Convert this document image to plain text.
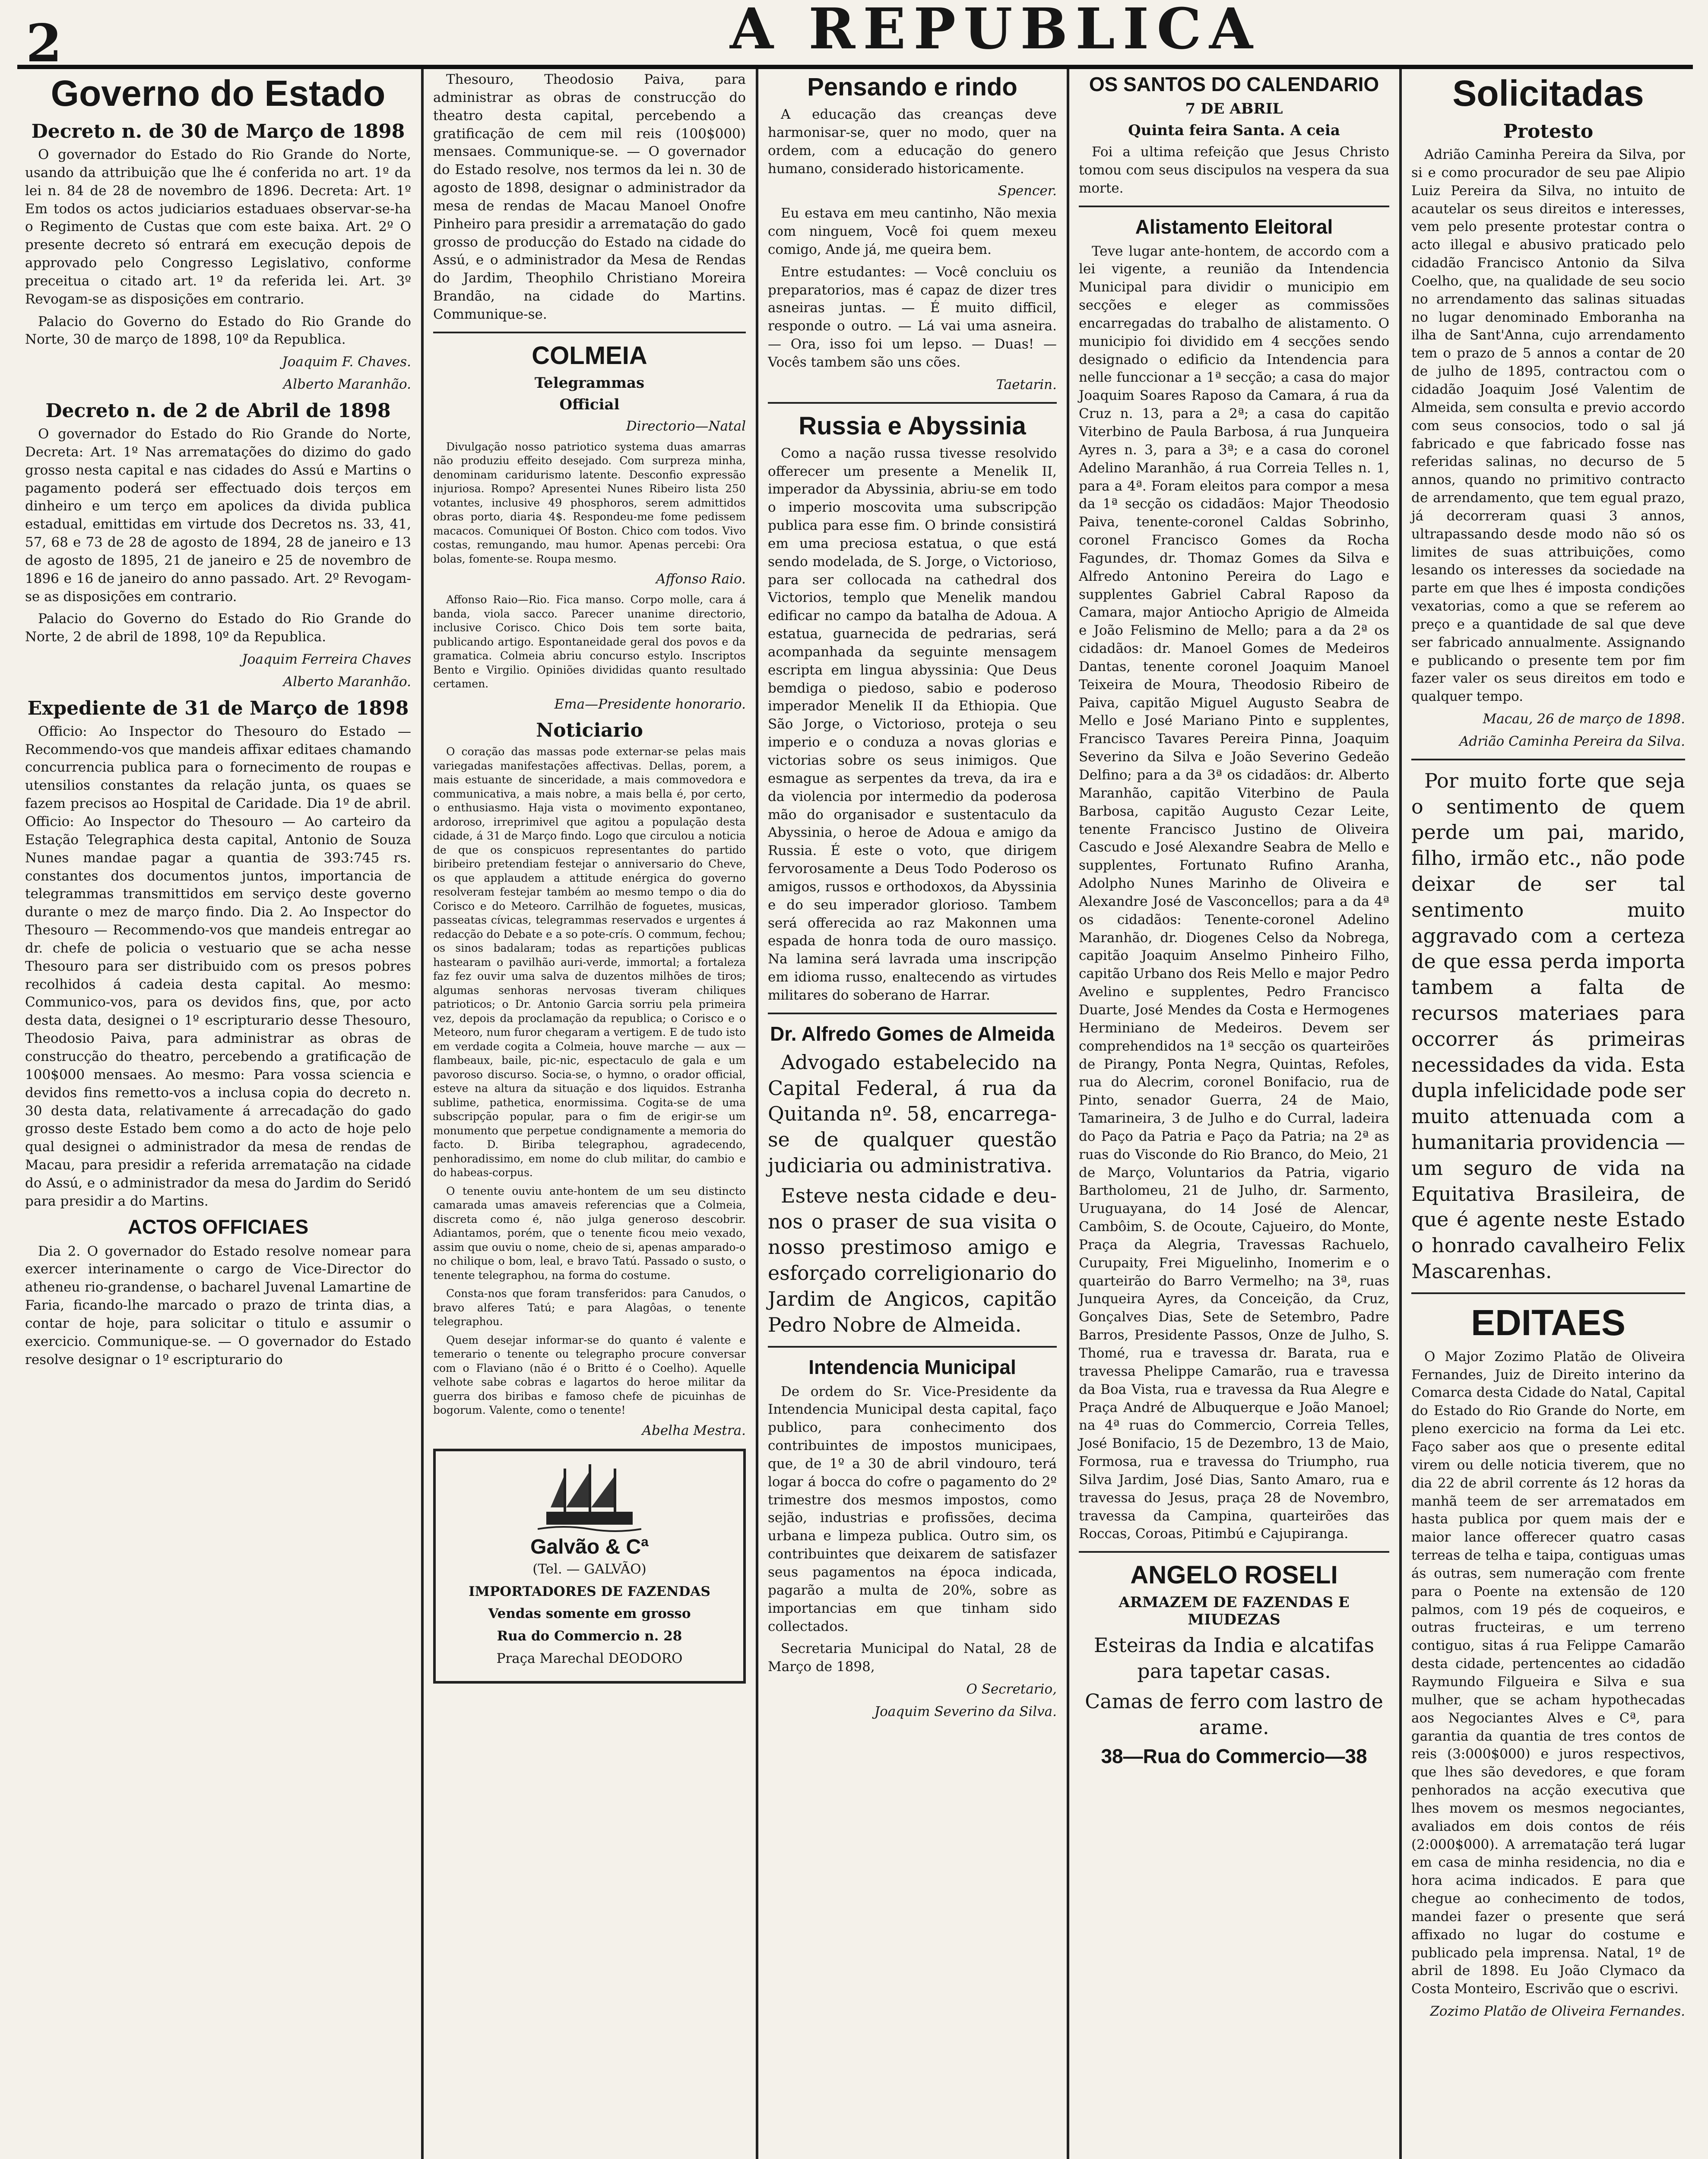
2	A REPUBLICA
Governo do Estado
Decreto n. de 30 de Março de 1898

O governador do Estado do Rio Grande do Norte, usando da attribuição que lhe é conferida no art. 1º da lei n. 84 de 28 de novembro de 1896. Decreta: Art. 1º Em todos os actos judiciarios estaduaes observar-se-ha o Regimento de Custas que com este baixa. Art. 2º O presente decreto só entrará em execução depois de approvado pelo Congresso Legislativo, conforme preceitua o citado art. 1º da referida lei. Art. 3º Revogam-se as disposições em contrario.

Palacio do Governo do Estado do Rio Grande do Norte, 30 de março de 1898, 10º da Republica.

Joaquim F. Chaves.

Alberto Maranhão.

Decreto n. de 2 de Abril de 1898

O governador do Estado do Rio Grande do Norte, Decreta: Art. 1º Nas arrematações do dizimo do gado grosso nesta capital e nas cidades do Assú e Martins o pagamento poderá ser effectuado dois terços em dinheiro e um terço em apolices da divida publica estadual, emittidas em virtude dos Decretos ns. 33, 41, 57, 68 e 73 de 28 de agosto de 1894, 28 de janeiro e 13 de agosto de 1895, 21 de janeiro e 25 de novembro de 1896 e 16 de janeiro do anno passado. Art. 2º Revogam-se as disposições em contrario.

Palacio do Governo do Estado do Rio Grande do Norte, 2 de abril de 1898, 10º da Republica.

Joaquim Ferreira Chaves

Alberto Maranhão.

Expediente de 31 de Março de 1898

Officio: Ao Inspector do Thesouro do Estado — Recommendo-vos que mandeis affixar editaes chamando concurrencia publica para o fornecimento de roupas e utensilios constantes da relação junta, os quaes se fazem precisos ao Hospital de Caridade. Dia 1º de abril. Officio: Ao Inspector do Thesouro — Ao carteiro da Estação Telegraphica desta capital, Antonio de Souza Nunes mandae pagar a quantia de 393:745 rs. constantes dos documentos juntos, importancia de telegrammas transmittidos em serviço deste governo durante o mez de março findo. Dia 2. Ao Inspector do Thesouro — Recommendo-vos que mandeis entregar ao dr. chefe de policia o vestuario que se acha nesse Thesouro para ser distribuido com os presos pobres recolhidos á cadeia desta capital. Ao mesmo: Communico-vos, para os devidos fins, que, por acto desta data, designei o 1º escripturario desse Thesouro, Theodosio Paiva, para administrar as obras de construcção do theatro, percebendo a gratificação de 100$000 mensaes. Ao mesmo: Para vossa sciencia e devidos fins remetto-vos a inclusa copia do decreto n. 30 desta data, relativamente á arrecadação do gado grosso deste Estado bem como a do acto de hoje pelo qual designei o administrador da mesa de rendas de Macau, para presidir a referida arrematação na cidade do Assú, e o administrador da mesa do Jardim do Seridó para presidir a do Martins.

ACTOS OFFICIAES

Dia 2. O governador do Estado resolve nomear para exercer interinamente o cargo de Vice-Director do atheneu rio-grandense, o bacharel Juvenal Lamartine de Faria, ficando-lhe marcado o prazo de trinta dias, a contar de hoje, para solicitar o titulo e assumir o exercicio. Communique-se. — O governador do Estado resolve designar o 1º escripturario do

Thesouro, Theodosio Paiva, para administrar as obras de construcção do theatro desta capital, percebendo a gratificação de cem mil reis (100$000) mensaes. Communique-se. — O governador do Estado resolve, nos termos da lei n. 30 de agosto de 1898, designar o administrador da mesa de rendas de Macau Manoel Onofre Pinheiro para presidir a arrematação do gado grosso de producção do Estado na cidade do Assú, e o administrador da Mesa de Rendas do Jardim, Theophilo Christiano Moreira Brandão, na cidade do Martins. Communique-se.

COLMEIA
Telegrammas
Official

Directorio—Natal

Divulgação nosso patriotico systema duas amarras não produziu effeito desejado. Com surpreza minha, denominam caridurismo latente. Desconfio expressão injuriosa. Rompo? Apresentei Nunes Ribeiro lista 250 votantes, inclusive 49 phosphoros, serem admittidos obras porto, diaria 4$. Respondeu-me fome pedissem macacos. Comuniquei Of Boston. Chico com todos. Vivo costas, remungando, mau humor. Apenas percebi: Ora bolas, fomente-se. Roupa mesmo.

Affonso Raio.

Affonso Raio—Rio. Fica manso. Corpo molle, cara á banda, viola sacco. Parecer unanime directorio, inclusive Corisco. Chico Dois tem sorte baita, publicando artigo. Espontaneidade geral dos povos e da gramatica. Colmeia abriu concurso estylo. Inscriptos Bento e Virgilio. Opiniões divididas quanto resultado certamen.

Ema—Presidente honorario.

Noticiario

O coração das massas pode externar-se pelas mais variegadas manifestações affectivas. Dellas, porem, a mais estuante de sinceridade, a mais commovedora e communicativa, a mais nobre, a mais bella é, por certo, o enthusiasmo. Haja vista o movimento expontaneo, ardoroso, irreprimivel que agitou a população desta cidade, á 31 de Março findo. Logo que circulou a noticia de que os conspicuos representantes do partido biribeiro pretendiam festejar o anniversario do Cheve, os que applaudem a attitude enérgica do governo resolveram festejar também ao mesmo tempo o dia do Corisco e do Meteoro. Carrilhão de foguetes, musicas, passeatas cívicas, telegrammas reservados e urgentes á redacção do Debate e a so pote-crís. O commum, fechou; os sinos badalaram; todas as repartições publicas hastearam o pavilhão auri-verde, immortal; a fortaleza faz fez ouvir uma salva de duzentos milhões de tiros; algumas senhoras nervosas tiveram chiliques patrioticos; o Dr. Antonio Garcia sorriu pela primeira vez, depois da proclamação da republica; o Corisco e o Meteoro, num furor chegaram a vertigem. E de tudo isto em verdade cogita a Colmeia, houve marche — aux — flambeaux, baile, pic-nic, espectaculo de gala e um pavoroso discurso. Socia-se, o hymno, o orador official, esteve na altura da situação e dos liquidos. Estranha sublime, pathetica, enormissima. Cogita-se de uma subscripção popular, para o fim de erigir-se um monumento que perpetue condignamente a memoria do facto. D. Biriba telegraphou, agradecendo, penhoradissimo, em nome do club militar, do cambio e do habeas-corpus.

O tenente ouviu ante-hontem de um seu distincto camarada umas amaveis referencias que a Colmeia, discreta como é, não julga generoso descobrir. Adiantamos, porém, que o tenente ficou meio vexado, assim que ouviu o nome, cheio de si, apenas amparado-o no chilique o bom, leal, e bravo Tatú. Passado o susto, o tenente telegraphou, na forma do costume.

Consta-nos que foram transferidos: para Canudos, o bravo alferes Tatú; e para Alagôas, o tenente telegraphou.

Quem desejar informar-se do quanto é valente e temerario o tenente ou telegrapho procure conversar com o Flaviano (não é o Britto é o Coelho). Aquelle velhote sabe cobras e lagartos do heroe militar da guerra dos biribas e famoso chefe de picuinhas de bogorum. Valente, como o tenente!

Abelha Mestra.

Galvão & Cª

(Tel. — GALVÃO)

IMPORTADORES DE FAZENDAS

Vendas somente em grosso

Rua do Commercio n. 28

Praça Marechal DEODORO

Pensando e rindo

A educação das creanças deve harmonisar-se, quer no modo, quer na ordem, com a educação do genero humano, considerado historicamente.

Spencer.

Eu estava em meu cantinho, Não mexia com ninguem, Você foi quem mexeu comigo, Ande já, me queira bem.

Entre estudantes: — Você concluiu os preparatorios, mas é capaz de dizer tres asneiras juntas. — É muito difficil, responde o outro. — Lá vai uma asneira. — Ora, isso foi um lepso. — Duas! — Vocês tambem são uns cões.

Taetarin.

Russia e Abyssinia

Como a nação russa tivesse resolvido offerecer um presente a Menelik II, imperador da Abyssinia, abriu-se em todo o imperio moscovita uma subscripção publica para esse fim. O brinde consistirá em uma preciosa estatua, o que está sendo modelada, de S. Jorge, o Victorioso, para ser collocada na cathedral dos Victorios, templo que Menelik mandou edificar no campo da batalha de Adoua. A estatua, guarnecida de pedrarias, será acompanhada da seguinte mensagem escripta em lingua abyssinia: Que Deus bemdiga o piedoso, sabio e poderoso imperador Menelik II da Ethiopia. Que São Jorge, o Victorioso, proteja o seu imperio e o conduza a novas glorias e victorias sobre os seus inimigos. Que esmague as serpentes da treva, da ira e da violencia por intermedio da poderosa mão do organisador e sustentaculo da Abyssinia, o heroe de Adoua e amigo da Russia. É este o voto, que dirigem fervorosamente a Deus Todo Poderoso os amigos, russos e orthodoxos, da Abyssinia e do seu imperador glorioso. Tambem será offerecida ao raz Makonnen uma espada de honra toda de ouro massiço. Na lamina será lavrada uma inscripção em idioma russo, enaltecendo as virtudes militares do soberano de Harrar.

Dr. Alfredo Gomes de Almeida

Advogado estabelecido na Capital Federal, á rua da Quitanda nº. 58, encarrega-se de qualquer questão judiciaria ou administrativa.

Esteve nesta cidade e deu-nos o praser de sua visita o nosso prestimoso amigo e esforçado correligionario do Jardim de Angicos, capitão Pedro Nobre de Almeida.

Intendencia Municipal

De ordem do Sr. Vice-Presidente da Intendencia Municipal desta capital, faço publico, para conhecimento dos contribuintes de impostos municipaes, que, de 1º a 30 de abril vindouro, terá logar á bocca do cofre o pagamento do 2º trimestre dos mesmos impostos, como sejão, industrias e profissões, decima urbana e limpeza publica. Outro sim, os contribuintes que deixarem de satisfazer seus pagamentos na época indicada, pagarão a multa de 20%, sobre as importancias em que tinham sido collectados.

Secretaria Municipal do Natal, 28 de Março de 1898,

O Secretario,

Joaquim Severino da Silva.

OS SANTOS DO CALENDARIO
7 DE ABRIL
Quinta feira Santa. A ceia

Foi a ultima refeição que Jesus Christo tomou com seus discipulos na vespera da sua morte.

Alistamento Eleitoral

Teve lugar ante-hontem, de accordo com a lei vigente, a reunião da Intendencia Municipal para dividir o municipio em secções e eleger as commissões encarregadas do trabalho de alistamento. O municipio foi dividido em 4 secções sendo designado o edificio da Intendencia para nelle funccionar a 1ª secção; a casa do major Joaquim Soares Raposo da Camara, á rua da Cruz n. 13, para a 2ª; a casa do capitão Viterbino de Paula Barbosa, á rua Junqueira Ayres n. 3, para a 3ª; e a casa do coronel Adelino Maranhão, á rua Correia Telles n. 1, para a 4ª. Foram eleitos para compor a mesa da 1ª secção os cidadãos: Major Theodosio Paiva, tenente-coronel Caldas Sobrinho, coronel Francisco Gomes da Rocha Fagundes, dr. Thomaz Gomes da Silva e Alfredo Antonino Pereira do Lago e supplentes Gabriel Cabral Raposo da Camara, major Antiocho Aprigio de Almeida e João Felismino de Mello; para a da 2ª os cidadãos: dr. Manoel Gomes de Medeiros Dantas, tenente coronel Joaquim Manoel Teixeira de Moura, Theodosio Ribeiro de Paiva, capitão Miguel Augusto Seabra de Mello e José Mariano Pinto e supplentes, Francisco Tavares Pereira Pinna, Joaquim Severino da Silva e João Severino Gedeão Delfino; para a da 3ª os cidadãos: dr. Alberto Maranhão, capitão Viterbino de Paula Barbosa, capitão Augusto Cezar Leite, tenente Francisco Justino de Oliveira Cascudo e José Alexandre Seabra de Mello e supplentes, Fortunato Rufino Aranha, Adolpho Nunes Marinho de Oliveira e Alexandre José de Vasconcellos; para a da 4ª os cidadãos: Tenente-coronel Adelino Maranhão, dr. Diogenes Celso da Nobrega, capitão Joaquim Anselmo Pinheiro Filho, capitão Urbano dos Reis Mello e major Pedro Avelino e supplentes, Pedro Francisco Duarte, José Mendes da Costa e Hermogenes Herminiano de Medeiros. Devem ser comprehendidos na 1ª secção os quarteirões de Pirangy, Ponta Negra, Quintas, Refoles, rua do Alecrim, coronel Bonifacio, rua de Pinto, senador Guerra, 24 de Maio, Tamarineira, 3 de Julho e do Curral, ladeira do Paço da Patria e Paço da Patria; na 2ª as ruas do Visconde do Rio Branco, do Meio, 21 de Março, Voluntarios da Patria, vigario Bartholomeu, 21 de Julho, dr. Sarmento, Uruguayana, do 14 José de Alencar, Cambôim, S. de Ocoute, Cajueiro, do Monte, Praça da Alegria, Travessas Rachuelo, Curupaity, Frei Miguelinho, Inomerim e o quarteirão do Barro Vermelho; na 3ª, ruas Junqueira Ayres, da Conceição, da Cruz, Gonçalves Dias, Sete de Setembro, Padre Barros, Presidente Passos, Onze de Julho, S. Thomé, rua e travessa dr. Barata, rua e travessa Phelippe Camarão, rua e travessa da Boa Vista, rua e travessa da Rua Alegre e Praça André de Albuquerque e João Manoel; na 4ª ruas do Commercio, Correia Telles, José Bonifacio, 15 de Dezembro, 13 de Maio, Formosa, rua e travessa do Triumpho, rua Silva Jardim, José Dias, Santo Amaro, rua e travessa do Jesus, praça 28 de Novembro, travessa da Campina, quarteirões das Roccas, Coroas, Pitimbú e Cajupiranga.

ANGELO ROSELI
ARMAZEM DE FAZENDAS E MIUDEZAS

Esteiras da India e alcatifas para tapetar casas.

Camas de ferro com lastro de arame.

38—Rua do Commercio—38
Solicitadas
Protesto

Adrião Caminha Pereira da Silva, por si e como procurador de seu pae Alipio Luiz Pereira da Silva, no intuito de acautelar os seus direitos e interesses, vem pelo presente protestar contra o acto illegal e abusivo praticado pelo cidadão Francisco Antonio da Silva Coelho, que, na qualidade de seu socio no arrendamento das salinas situadas no lugar denominado Emboranha na ilha de Sant'Anna, cujo arrendamento tem o prazo de 5 annos a contar de 20 de julho de 1895, contractou com o cidadão Joaquim José Valentim de Almeida, sem consulta e previo accordo com seus consocios, todo o sal já fabricado e que fabricado fosse nas referidas salinas, no decurso de 5 annos, quando no primitivo contracto de arrendamento, que tem egual prazo, já decorreram quasi 3 annos, ultrapassando desde modo não só os limites de suas attribuições, como lesando os interesses da sociedade na parte em que lhes é imposta condições vexatorias, como a que se referem ao preço e a quantidade de sal que deve ser fabricado annualmente. Assignando e publicando o presente tem por fim fazer valer os seus direitos em todo e qualquer tempo.

Macau, 26 de março de 1898.

Adrião Caminha Pereira da Silva.

Por muito forte que seja o sentimento de quem perde um pai, marido, filho, irmão etc., não pode deixar de ser tal sentimento muito aggravado com a certeza de que essa perda importa tambem a falta de recursos materiaes para occorrer ás primeiras necessidades da vida. Esta dupla infelicidade pode ser muito attenuada com a humanitaria providencia — um seguro de vida na Equitativa Brasileira, de que é agente neste Estado o honrado cavalheiro Felix Mascarenhas.

EDITAES

O Major Zozimo Platão de Oliveira Fernandes, Juiz de Direito interino da Comarca desta Cidade do Natal, Capital do Estado do Rio Grande do Norte, em pleno exercicio na forma da Lei etc. Faço saber aos que o presente edital virem ou delle noticia tiverem, que no dia 22 de abril corrente ás 12 horas da manhã teem de ser arrematados em hasta publica por quem mais der e maior lance offerecer quatro casas terreas de telha e taipa, contiguas umas ás outras, sem numeração com frente para o Poente na extensão de 120 palmos, com 19 pés de coqueiros, e outras fructeiras, e um terreno contiguo, sitas á rua Felippe Camarão desta cidade, pertencentes ao cidadão Raymundo Filgueira e Silva e sua mulher, que se acham hypothecadas aos Negociantes Alves e Cª, para garantia da quantia de tres contos de reis (3:000$000) e juros respectivos, que lhes são devedores, e que foram penhorados na acção executiva que lhes movem os mesmos negociantes, avaliados em dois contos de réis (2:000$000). A arrematação terá lugar em casa de minha residencia, no dia e hora acima indicados. E para que chegue ao conhecimento de todos, mandei fazer o presente que será affixado no lugar do costume e publicado pela imprensa. Natal, 1º de abril de 1898. Eu João Clymaco da Costa Monteiro, Escrivão que o escrivi.

Zozimo Platão de Oliveira Fernandes.
